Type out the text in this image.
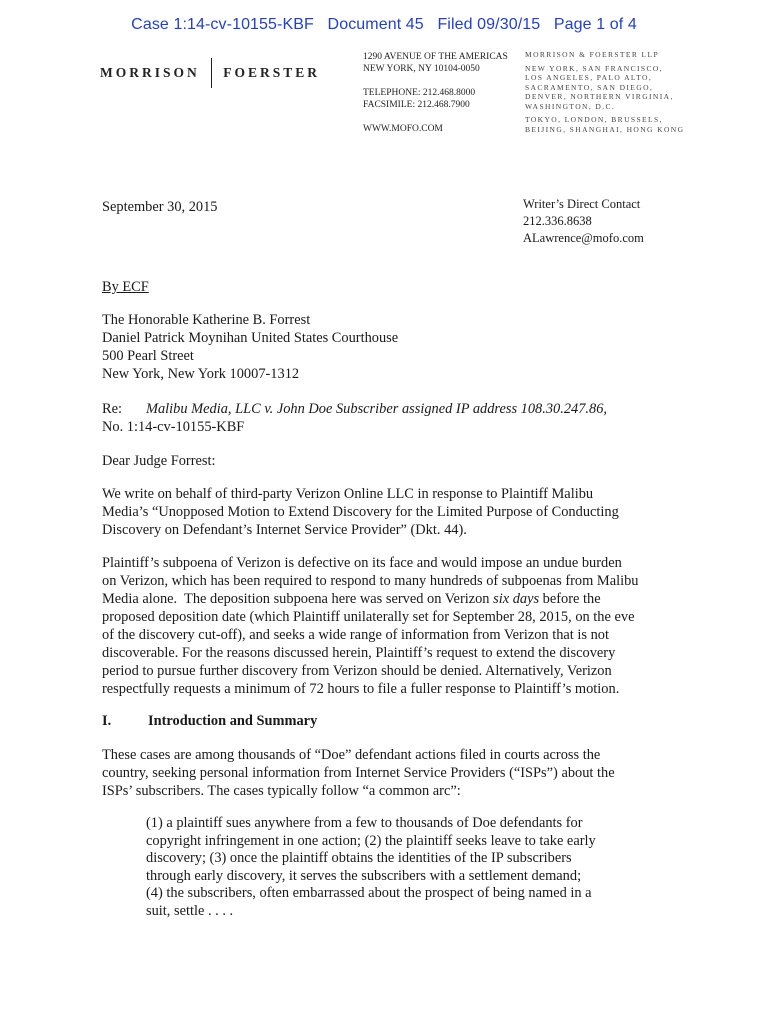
Case 1:14-cv-10155-KBF   Document 45   Filed 09/30/15   Page 1 of 4
MORRISON FOERSTER
1290 AVENUE OF THE AMERICAS
NEW YORK, NY 10104-0050
TELEPHONE: 212.468.8000
FACSIMILE: 212.468.7900
WWW.MOFO.COM
MORRISON & FOERSTER LLP
NEW YORK, SAN FRANCISCO,
LOS ANGELES, PALO ALTO,
SACRAMENTO, SAN DIEGO,
DENVER, NORTHERN VIRGINIA,
WASHINGTON, D.C.
TOKYO, LONDON, BRUSSELS,
BEIJING, SHANGHAI, HONG KONG
September 30, 2015	Writer’s Direct Contact
212.336.8638
ALawrence@mofo.com
By ECF
The Honorable Katherine B. Forrest
Daniel Patrick Moynihan United States Courthouse
500 Pearl Street
New York, New York 10007-1312
Re: Malibu Media, LLC v. John Doe Subscriber assigned IP address 108.30.247.86,
No. 1:14-cv-10155-KBF
Dear Judge Forrest:
We write on behalf of third-party Verizon Online LLC in response to Plaintiff Malibu
Media’s “Unopposed Motion to Extend Discovery for the Limited Purpose of Conducting
Discovery on Defendant’s Internet Service Provider” (Dkt. 44).
Plaintiff’s subpoena of Verizon is defective on its face and would impose an undue burden
on Verizon, which has been required to respond to many hundreds of subpoenas from Malibu
Media alone.  The deposition subpoena here was served on Verizon six days before the
proposed deposition date (which Plaintiff unilaterally set for September 28, 2015, on the eve
of the discovery cut-off), and seeks a wide range of information from Verizon that is not
discoverable. For the reasons discussed herein, Plaintiff’s request to extend the discovery
period to pursue further discovery from Verizon should be denied. Alternatively, Verizon
respectfully requests a minimum of 72 hours to file a fuller response to Plaintiff’s motion.
I.	Introduction and Summary
These cases are among thousands of “Doe” defendant actions filed in courts across the
country, seeking personal information from Internet Service Providers (“ISPs”) about the
ISPs’ subscribers. The cases typically follow “a common arc”:
(1) a plaintiff sues anywhere from a few to thousands of Doe defendants for
copyright infringement in one action; (2) the plaintiff seeks leave to take early
discovery; (3) once the plaintiff obtains the identities of the IP subscribers
through early discovery, it serves the subscribers with a settlement demand;
(4) the subscribers, often embarrassed about the prospect of being named in a
suit, settle . . . .
